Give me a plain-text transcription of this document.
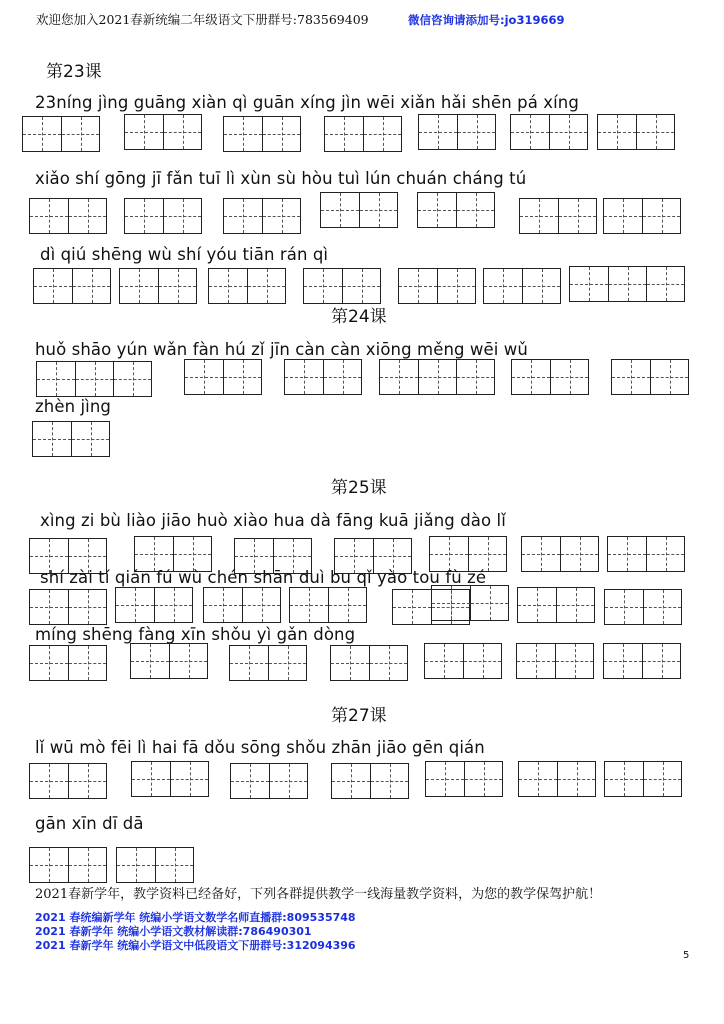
欢迎您加入2021春新统编二年级语文下册群号:783569409	微信咨询请添加号:jo319669
第23课
23níng jìng guāng xiàn qì guān xíng jìn wēi xiǎn hǎi shēn pá xíng
xiǎo shí gōng jī fǎn tuī lì xùn sù hòu tuì lún chuán cháng tú
dì qiú shēng wù shí yóu tiān rán qì
第24课
huǒ shāo yún wǎn fàn hú zǐ jīn càn càn xiōng měng wēi wǔ
zhèn jìng
第25课
xìng zi bù liào jiāo huò xiào hua dà fāng kuā jiǎng dào lǐ
shí zài tí qián fú wù chén shān duì bu qǐ yào tou fù zé
míng shēng fàng xīn shǒu yì gǎn dòng
第27课
lǐ wū mò fēi lì hai fā dǒu sōng shǒu zhān jiāo gēn qián
gān xīn dī dā
2021春新学年，教学资料已经备好，下列各群提供教学一线海量教学资料，为您的教学保驾护航！
2021 春统编新学年 统编小学语文数学名师直播群:809535748
2021 春新学年 统编小学语文教材解读群:786490301
2021 春新学年 统编小学语文中低段语文下册群号:312094396
5
